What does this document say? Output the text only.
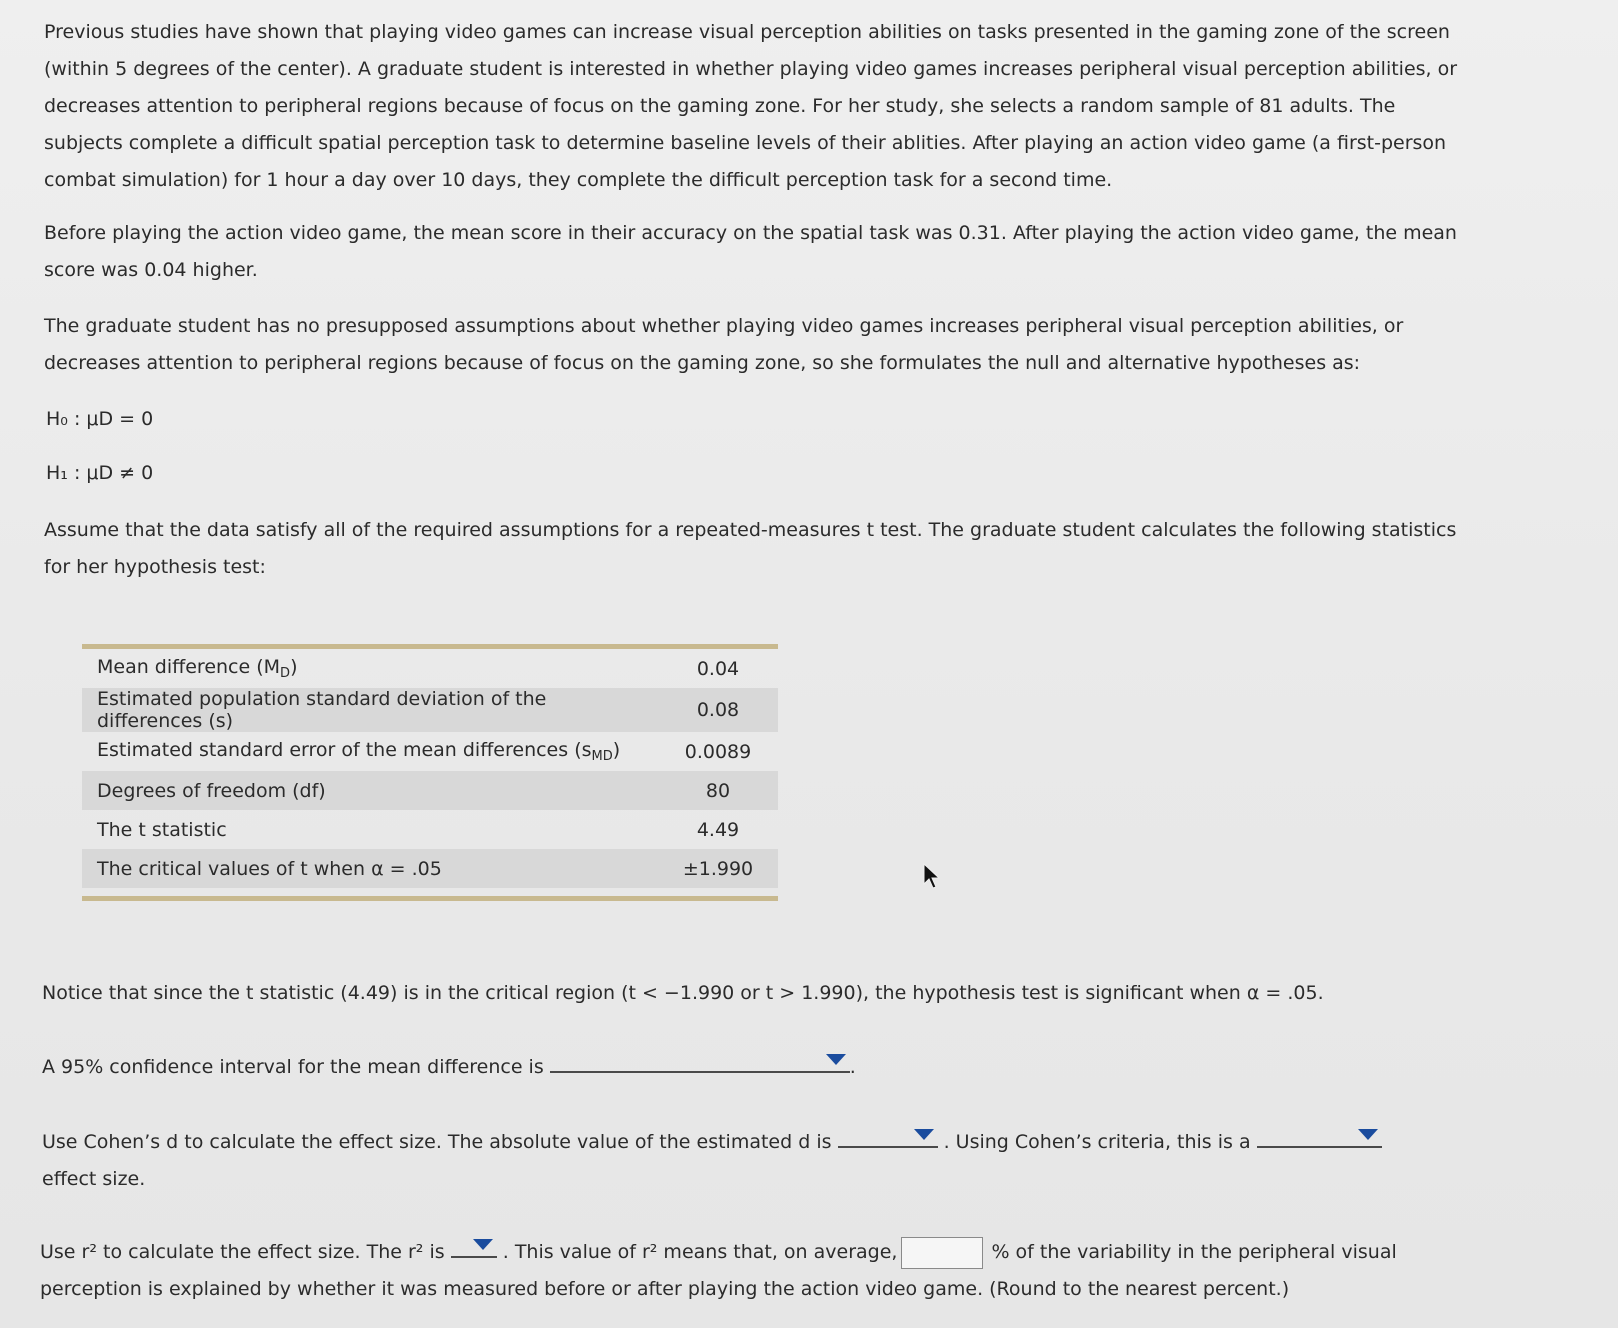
Previous studies have shown that playing video games can increase visual perception abilities on tasks presented in the gaming zone of the screen (within 5 degrees of the center). A graduate student is interested in whether playing video games increases peripheral visual perception abilities, or decreases attention to peripheral regions because of focus on the gaming zone. For her study, she selects a random sample of 81 adults. The subjects complete a difficult spatial perception task to determine baseline levels of their ablities. After playing an action video game (a first-person combat simulation) for 1 hour a day over 10 days, they complete the difficult perception task for a second time.

Before playing the action video game, the mean score in their accuracy on the spatial task was 0.31. After playing the action video game, the mean score was 0.04 higher.

The graduate student has no presupposed assumptions about whether playing video games increases peripheral visual perception abilities, or decreases attention to peripheral regions because of focus on the gaming zone, so she formulates the null and alternative hypotheses as:

H₀ : μD = 0
H₁ : μD ≠ 0

Assume that the data satisfy all of the required assumptions for a repeated-measures t test. The graduate student calculates the following statistics for her hypothesis test:

Mean difference $(M_D)$	0.04
Estimated population standard deviation of the differences (s)	0.08
Estimated standard error of the mean differences $(s_{MD})$	0.0089
Degrees of freedom (df)	80
The t statistic	4.49
The critical values of t when α = .05	±1.990

Notice that since the t statistic (4.49) is in the critical region (t < −1.990 or t > 1.990), the hypothesis test is significant when α = .05.

A 95% confidence interval for the mean difference is	.
Use Cohen’s d to calculate the effect size. The absolute value of the estimated d is	. Using Cohen’s criteria, this is a
effect size.
Use r² to calculate the effect size. The r² is	. This value of r² means that, on average,	% of the variability in the peripheral visual perception is explained by whether it was measured before or after playing the action video game. (Round to the nearest percent.)
